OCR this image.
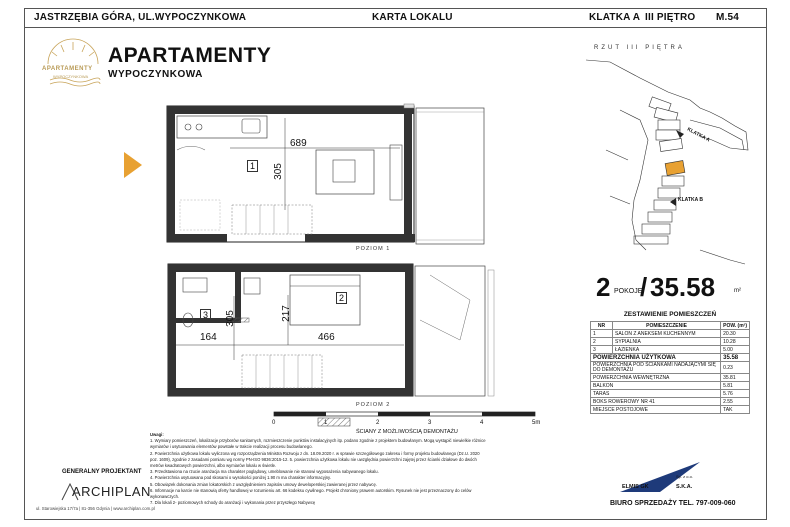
JASTRZĘBIA GÓRA, UL.WYPOCZYNKOWA	KARTA LOKALU	KLATKA A III PIĘTRO M.54
APARTAMENTY
WYPOCZYNKOWA
APARTAMENTY
WYPOCZYNKOWA
689
305
1
POZIOM 1
2
3	305	217
164	466
POZIOM 2
0	1	2	3	4	5m
ŚCIANY Z MOŻLIWOŚCIĄ DEMONTAŻU
RZUT III PIĘTRA
KLATKA A
KLATKA B
2 POKOJE
/ 35.58	m²
ZESTAWIENIE POMIESZCZEŃ
NR	POMIESZCZENIE	POW. (m²)
1	SALON Z ANEKSEM KUCHENNYM	20.30
2	SYPIALNIA	10.28
3	ŁAZIENKA	5.00
POWIERZCHNIA UŻYTKOWA		35.58
POWIERZCHNIA POD ŚCIANKAMI NADAJĄCYMI SIĘ DO DEMONTAŻU		0.23
POWIERZCHNIA WEWNĘTRZNA		35.81
BALKON		5.81
TARAS		5.76
BOKS ROWEROWY NR 41		2.55
MIEJSCE POSTOJOWE		TAK
Uwagi:
1. Wymiary pomieszczeń, lokalizacje przyborów sanitarnych, rozmieszczenie punktów instalacyjnych itp. podano zgodnie z projektem budowlanym. Mogą wystąpić niewielkie różnice
wymiarów i usytuowania elementów powstałe w trakcie realizacji procesu budowlanego.
2. Powierzchnia użytkowa lokalu wyliczona wg rozporządzenia Ministra Rozwoju z dn. 18.09.2020 r. w sprawie szczegółowego zakresu i formy projektu budowlanego (Dz.U. 2020
poz. 1609), zgodnie z zasadami pomiaru wg normy PN-ISO 9836:2015-12. 5. powierzchnia użytkowa lokalu nie uwzględnia powierzchni zajętej przez ścianki działowe do dwóch
metrów kwadratowych powierzchni, albo wymiarów lokalu w świetle.
3. Przedstawiona na rzucie aranżacja ma charakter poglądowy, umeblowanie nie stanowi wyposażenia nabywanego lokalu.
4. Powierzchnia usytuowana pod skosami o wysokości poniżej 1.90 m ma charakter informacyjny.
5. Obowiązek dokonania zmian lokatorskich z uwzględnieniem zapisów umowy deweloperskiej zawieranej przez nabywcę.
6. Informacje na karcie nie stanowią oferty handlowej w rozumieniu art. 66 kodeksu cywilnego. Projekt chroniony prawem autorskim. Rysunek nie jest przeznaczony do celów
wykonawczych.
7. Dla lokali 2- poziomowych schody do aranżacji i wykonania przez przyszłego Nabywcę
GENERALNY PROJEKTANT
ARCHIPLAN
ul. Starowiejska 17/7a | 81-356 Gdynia | www.archiplan.com.pl
Sp. z o.o.
ELMIS GK	S.K.A.
BIURO SPRZEDAŻY TEL. 797-009-060
